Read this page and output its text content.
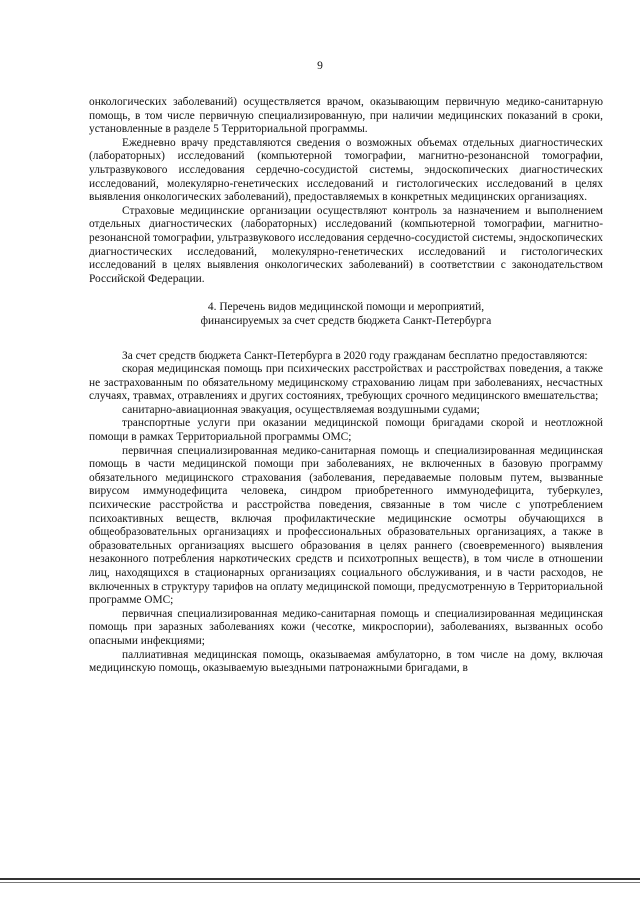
9

онкологических заболеваний) осуществляется врачом, оказывающим первичную медико-санитарную помощь, в том числе первичную специализированную, при наличии медицинских показаний в сроки, установленные в разделе 5 Территориальной программы.

Ежедневно врачу представляются сведения о возможных объемах отдельных диагностических (лабораторных) исследований (компьютерной томографии, магнитно-резонансной томографии, ультразвукового исследования сердечно-сосудистой системы, эндоскопических диагностических исследований, молекулярно-генетических исследований и гистологических исследований в целях выявления онкологических заболеваний), предоставляемых в конкретных медицинских организациях.

Страховые медицинские организации осуществляют контроль за назначением и выполнением отдельных диагностических (лабораторных) исследований (компьютерной томографии, магнитно-резонансной томографии, ультразвукового исследования сердечно-сосудистой системы, эндоскопических диагностических исследований, молекулярно-генетических исследований и гистологических исследований в целях выявления онкологических заболеваний) в соответствии с законодательством Российской Федерации.

4. Перечень видов медицинской помощи и мероприятий,
финансируемых за счет средств бюджета Санкт-Петербурга

За счет средств бюджета Санкт-Петербурга в 2020 году гражданам бесплатно предоставляются:

скорая медицинская помощь при психических расстройствах и расстройствах поведения, а также не застрахованным по обязательному медицинскому страхованию лицам при заболеваниях, несчастных случаях, травмах, отравлениях и других состояниях, требующих срочного медицинского вмешательства;

санитарно-авиационная эвакуация, осуществляемая воздушными судами;

транспортные услуги при оказании медицинской помощи бригадами скорой и неотложной помощи в рамках Территориальной программы ОМС;

первичная специализированная медико-санитарная помощь и специализированная медицинская помощь в части медицинской помощи при заболеваниях, не включенных в базовую программу обязательного медицинского страхования (заболевания, передаваемые половым путем, вызванные вирусом иммунодефицита человека, синдром приобретенного иммунодефицита, туберкулез, психические расстройства и расстройства поведения, связанные в том числе с употреблением психоактивных веществ, включая профилактические медицинские осмотры обучающихся в общеобразовательных организациях и профессиональных образовательных организациях, а также в образовательных организациях высшего образования в целях раннего (своевременного) выявления незаконного потребления наркотических средств и психотропных веществ), в том числе в отношении лиц, находящихся в стационарных организациях социального обслуживания, и в части расходов, не включенных в структуру тарифов на оплату медицинской помощи, предусмотренную в Территориальной программе ОМС;

первичная специализированная медико-санитарная помощь и специализированная медицинская помощь при заразных заболеваниях кожи (чесотке, микроспории), заболеваниях, вызванных особо опасными инфекциями;

паллиативная медицинская помощь, оказываемая амбулаторно, в том числе на дому, включая медицинскую помощь, оказываемую выездными патронажными бригадами, в
